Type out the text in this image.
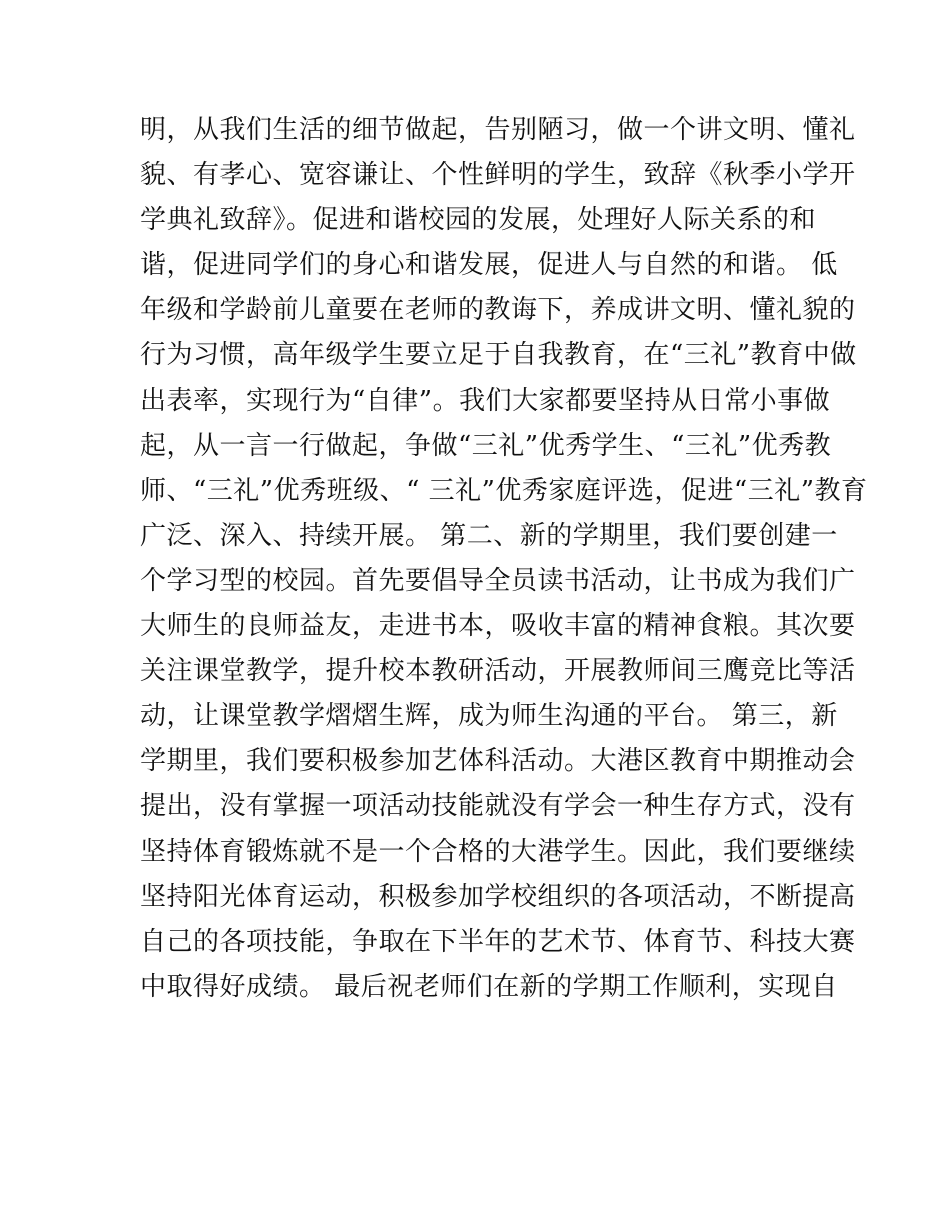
明，从我们生活的细节做起，告别陋习，做一个讲文明、懂礼
貌、有孝心、宽容谦让、个性鲜明的学生，致辞《秋季小学开
学典礼致辞》。促进和谐校园的发展，处理好人际关系的和
谐，促进同学们的身心和谐发展，促进人与自然的和谐。 低
年级和学龄前儿童要在老师的教诲下，养成讲文明、懂礼貌的
行为习惯，高年级学生要立足于自我教育，在“三礼”教育中做
出表率，实现行为“自律”。我们大家都要坚持从日常小事做
起，从一言一行做起，争做“三礼”优秀学生、“三礼”优秀教
师、“三礼”优秀班级、“ 三礼”优秀家庭评选，促进“三礼”教育
广泛、深入、持续开展。 第二、新的学期里，我们要创建一
个学习型的校园。首先要倡导全员读书活动，让书成为我们广
大师生的良师益友，走进书本，吸收丰富的精神食粮。其次要
关注课堂教学，提升校本教研活动，开展教师间三鹰竞比等活
动，让课堂教学熠熠生辉，成为师生沟通的平台。 第三，新
学期里，我们要积极参加艺体科活动。大港区教育中期推动会
提出，没有掌握一项活动技能就没有学会一种生存方式，没有
坚持体育锻炼就不是一个合格的大港学生。因此，我们要继续
坚持阳光体育运动，积极参加学校组织的各项活动，不断提高
自己的各项技能，争取在下半年的艺术节、体育节、科技大赛
中取得好成绩。 最后祝老师们在新的学期工作顺利，实现自
